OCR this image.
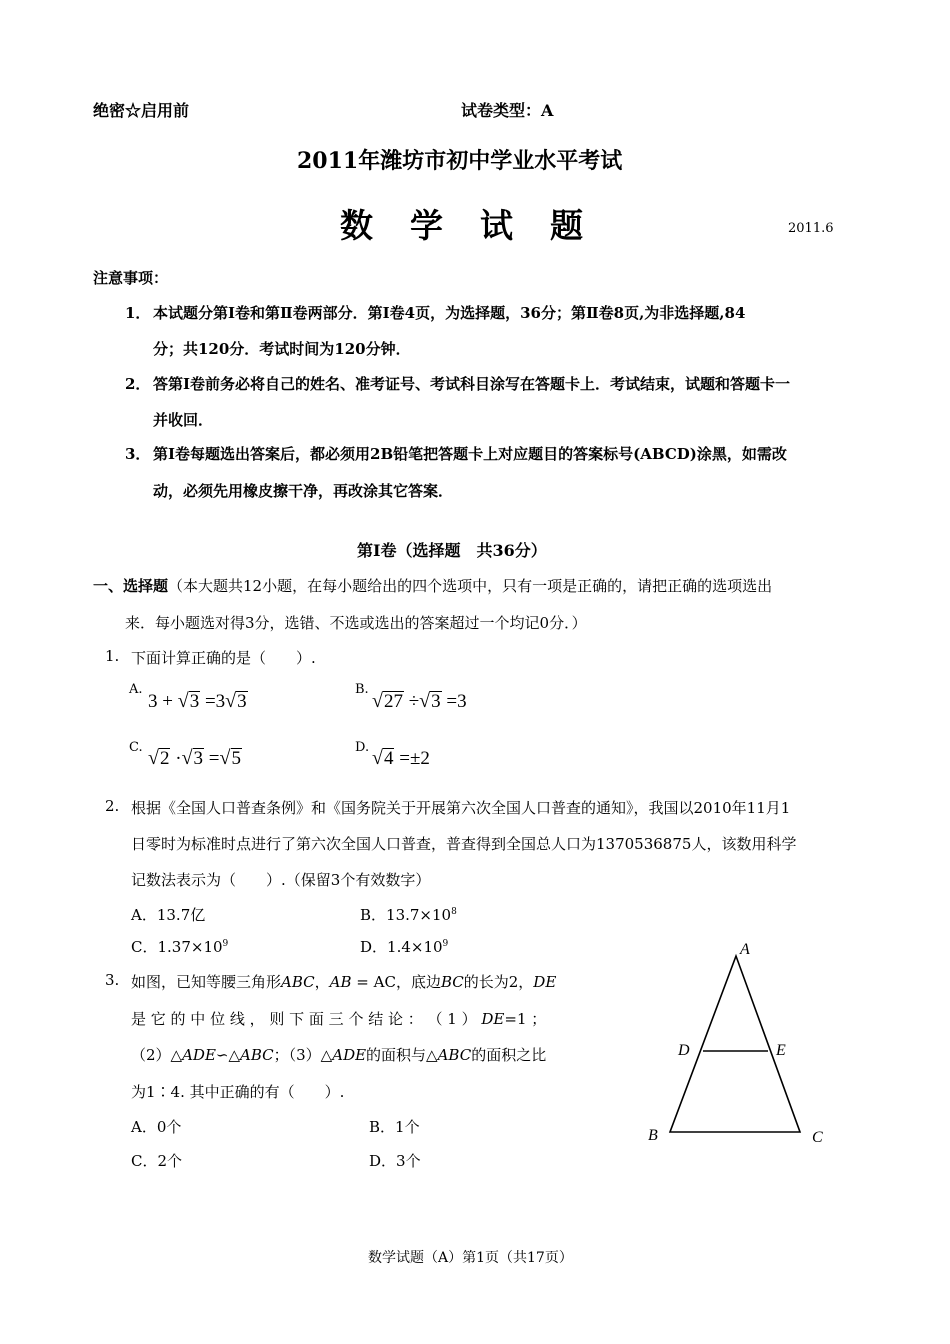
绝密☆启用前	试卷类型：A
2011年潍坊市初中学业水平考试
数　学　试　题	2011.6
注意事项：
1． 本试题分第Ⅰ卷和第Ⅱ卷两部分．第Ⅰ卷4页，为选择题，36分；第Ⅱ卷8页,为非选择题,84
分；共120分．考试时间为120分钟．
2． 答第Ⅰ卷前务必将自己的姓名、准考证号、考试科目涂写在答题卡上．考试结束，试题和答题卡一
并收回．
3． 第Ⅰ卷每题选出答案后，都必须用2B铅笔把答题卡上对应题目的答案标号(ABCD)涂黑，如需改
动，必须先用橡皮擦干净，再改涂其它答案．
第Ⅰ卷（选择题　共36分）
一、选择题（本大题共12小题，在每小题给出的四个选项中，只有一项是正确的，请把正确的选项选出
来．每小题选对得3分，选错、不选或选出的答案超过一个均记0分．）
1. 下面计算正确的是（　　）.
A.
3 + √3 =3√3
B.
√27 ÷√3 =3
C. √2 ·√3 =√5
D. √4 =±2
2. 根据《全国人口普查条例》和《国务院关于开展第六次全国人口普查的通知》，我国以2010年11月1
日零时为标准时点进行了第六次全国人口普查，普查得到全国总人口为1370536875人，该数用科学
记数法表示为（　　）.（保留3个有效数字）
A．13.7亿	B．$13.7\times 10^8$
C．$1.37\times 10^9$	D．$1.4\times 10^9$
3. 如图，已知等腰三角形ABC，AB = AC，底边BC的长为2，DE
是 它 的 中 位 线 ， 则 下 面 三 个 结 论 ： （ 1 ） DE=1 ；
（2）△ADE∽△ABC；（3）△ADE的面积与△ABC的面积之比
为1∶4. 其中正确的有（　　）.
A．0个	B．1个
C．2个	D．3个
A
D	E
B	C
数学试题（A）第1页（共17页）
